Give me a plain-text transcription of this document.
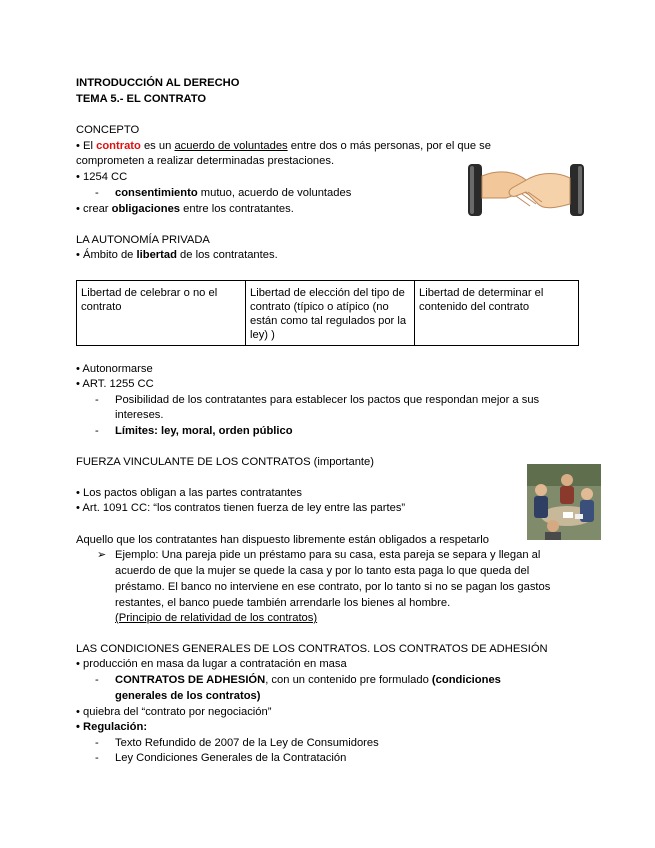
INTRODUCCIÓN AL DERECHO
TEMA 5.- EL CONTRATO
CONCEPTO
• El contrato es un acuerdo de voluntades entre dos o más personas, por el que se
comprometen a realizar determinadas prestaciones.
• 1254 CC
- consentimiento mutuo, acuerdo de voluntades
• crear obligaciones entre los contratantes.
LA AUTONOMÍA PRIVADA
• Ámbito de libertad de los contratantes.
Libertad de celebrar o no el contrato	Libertad de elección del tipo de contrato (típico o atípico (no están como tal regulados por la ley) )	Libertad de determinar el contenido del contrato
• Autonormarse
• ART. 1255 CC
- Posibilidad de los contratantes para establecer los pactos que respondan mejor a sus
intereses.
- Límites: ley, moral, orden público
FUERZA VINCULANTE DE LOS CONTRATOS (importante)
• Los pactos obligan a las partes contratantes
• Art. 1091 CC: “los contratos tienen fuerza de ley entre las partes”
Aquello que los contratantes han dispuesto libremente están obligados a respetarlo
➢ Ejemplo: Una pareja pide un préstamo para su casa, esta pareja se separa y llegan al
acuerdo de que la mujer se quede la casa y por lo tanto esta paga lo que queda del
préstamo. El banco no interviene en ese contrato, por lo tanto si no se pagan los gastos
restantes, el banco puede también arrendarle los bienes al hombre.
(Principio de relatividad de los contratos)
LAS CONDICIONES GENERALES DE LOS CONTRATOS. LOS CONTRATOS DE ADHESIÓN
• producción en masa da lugar a contratación en masa
- CONTRATOS DE ADHESIÓN, con un contenido pre formulado (condiciones
generales de los contratos)
• quiebra del “contrato por negociación”
• Regulación:
- Texto Refundido de 2007 de la Ley de Consumidores
- Ley Condiciones Generales de la Contratación
